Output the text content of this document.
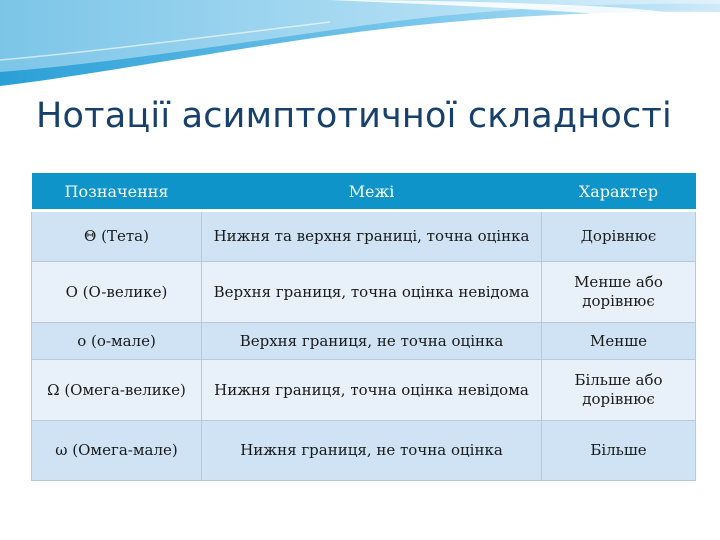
Нотації асимптотичної складності
Позначення	Межі	Характер
Θ (Тета)	Нижня та верхня границі, точна оцінка	Дорівнює
O (O-велике)	Верхня границя, точна оцінка невідома	Менше або дорівнює
o (o-мале)	Верхня границя, не точна оцінка	Менше
Ω (Омега-велике)	Нижня границя, точна оцінка невідома	Більше або дорівнює
ω (Омега-мале)	Нижня границя, не точна оцінка	Більше
